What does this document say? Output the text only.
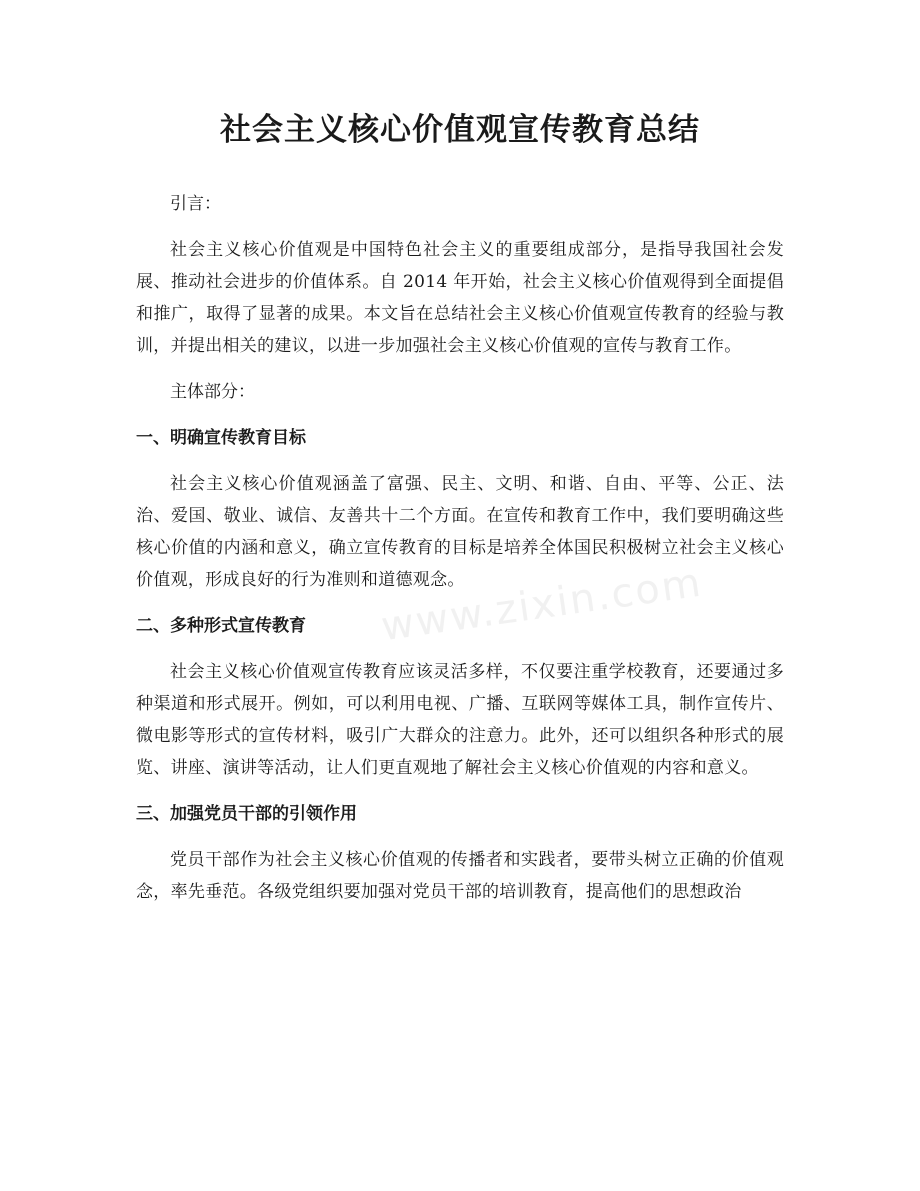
社会主义核心价值观宣传教育总结

引言：

社会主义核心价值观是中国特色社会主义的重要组成部分，是指导我国社会发展、推动社会进步的价值体系。自 2014 年开始，社会主义核心价值观得到全面提倡和推广，取得了显著的成果。本文旨在总结社会主义核心价值观宣传教育的经验与教训，并提出相关的建议，以进一步加强社会主义核心价值观的宣传与教育工作。

主体部分：

一、明确宣传教育目标

社会主义核心价值观涵盖了富强、民主、文明、和谐、自由、平等、公正、法治、爱国、敬业、诚信、友善共十二个方面。在宣传和教育工作中，我们要明确这些核心价值的内涵和意义，确立宣传教育的目标是培养全体国民积极树立社会主义核心价值观，形成良好的行为准则和道德观念。

二、多种形式宣传教育

社会主义核心价值观宣传教育应该灵活多样，不仅要注重学校教育，还要通过多种渠道和形式展开。例如，可以利用电视、广播、互联网等媒体工具，制作宣传片、微电影等形式的宣传材料，吸引广大群众的注意力。此外，还可以组织各种形式的展览、讲座、演讲等活动，让人们更直观地了解社会主义核心价值观的内容和意义。

三、加强党员干部的引领作用

党员干部作为社会主义核心价值观的传播者和实践者，要带头树立正确的价值观念，率先垂范。各级党组织要加强对党员干部的培训教育，提高他们的思想政治

www.zixin.com
